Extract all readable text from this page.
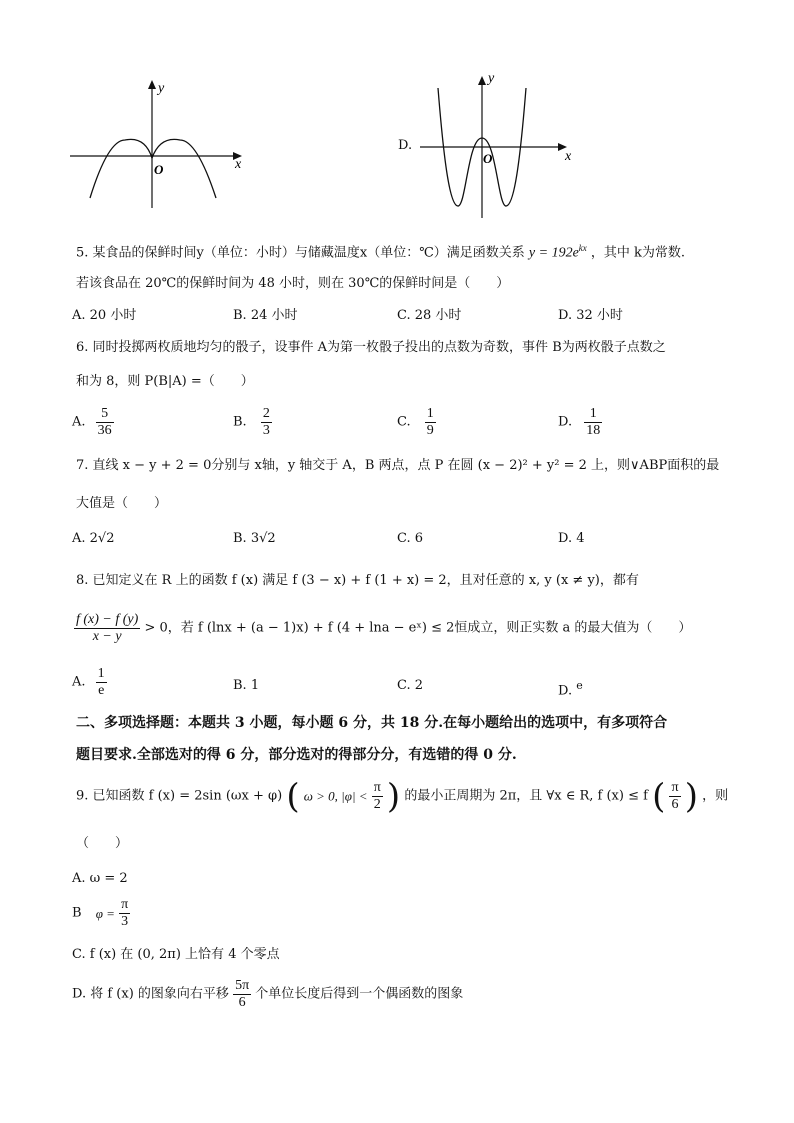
x
y
O
D.
x
y
O
5. 某食品的保鲜时间y（单位：小时）与储藏温度x（单位：℃）满足函数关系 $y = 192e^{kx}$ ，其中 k为常数.
若该食品在 20℃的保鲜时间为 48 小时，则在 30℃的保鲜时间是（　　）
A. 20 小时	B. 24 小时	C. 28 小时	D. 32 小时
6. 同时投掷两枚质地均匀的骰子，设事件 A为第一枚骰子投出的点数为奇数，事件 B为两枚骰子点数之
和为 8，则 P(B|A) =（　　）
A. $\frac{5}{36}$	B. $\frac{2}{3}$	C. $\frac{1}{9}$	D. $\frac{1}{18}$
7. 直线 x − y + 2 = 0分别与 x轴，y 轴交于 A，B 两点，点 P 在圆 (x − 2)² + y² = 2 上，则∨ABP面积的最
大值是（　　）
A. 2√2	B. 3√2	C. 6	D. 4
8. 已知定义在 R 上的函数 f (x) 满足 f (3 − x) + f (1 + x) = 2，且对任意的 x, y (x ≠ y)，都有
$\frac{f (x) - f (y)}{x - y} > 0$，若 f (lnx + (a − 1)x) + f (4 + lna − eˣ) ≤ 2恒成立，则正实数 a 的最大值为（　　）
A. $\frac{1}{e}$	B. 1	C. 2	D. $^e$
二、多项选择题：本题共 3 小题，每小题 6 分，共 18 分.在每小题给出的选项中，有多项符合
题目要求.全部选对的得 6 分，部分选对的得部分分，有选错的得 0 分.
9. 已知函数 f (x) = 2sin (ωx + φ) ( ω > 0, $|\varphi| < \frac{\pi}{2}$ ) 的最小正周期为 2π，且 ∀x ∈ R, f (x) ≤ f ( $\frac{\pi}{6}$ ) ，则
（　　）
A. ω = 2
B $\varphi = \frac{\pi}{3}$
C. f (x) 在 (0, 2π) 上恰有 4 个零点
D. 将 f (x) 的图象向右平移 $\frac{5\pi}{6}$ 个单位长度后得到一个偶函数的图象
